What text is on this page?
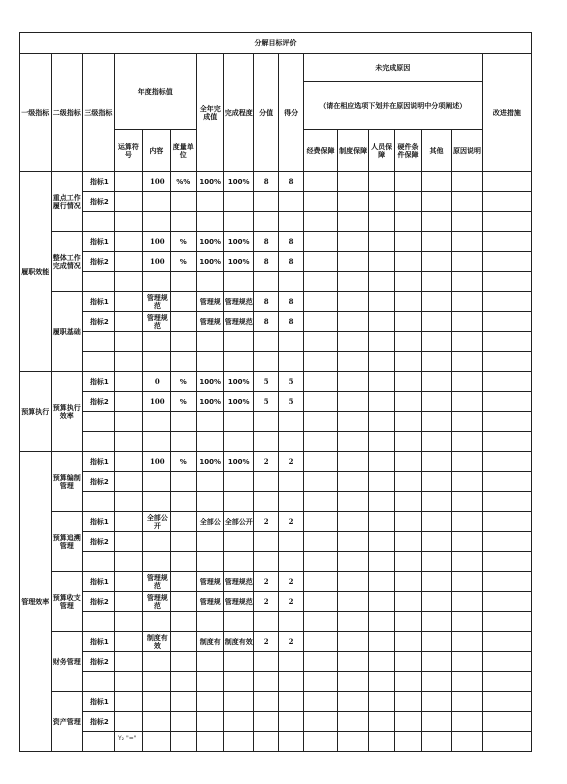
分解目标评价																
一级指标	二级指标	三级指标	年度指标值			全年完成值	完成程度	分值	得分	未完成原因						改进措施
										（请在相应选项下划并在原因说明中分项阐述）						
			运算符号	内容	度量单位					经费保障	制度保障	人员保障	硬件条件保障	其他	原因说明	
履职效能	重点工作履行情况	指标1		100	%%	100%	100%	8	8							
		指标2														

	整体工作完成情况	指标1		100	%	100%	100%	8	8							
		指标2		100	%	100%	100%	8	8							

	履职基础	指标1		管理规范		管理规	管理规范	8	8							
		指标2		管理规范		管理规	管理规范	8	8							

预算执行	预算执行效率	指标1		0	%	100%	100%	5	5							
		指标2		100	%	100%	100%	5	5							

管理效率	预算编制管理	指标1		100	%	100%	100%	2	2							
		指标2														

	预算追溯管理	指标1		全部公开		全部公	全部公开	2	2							
		指标2														

	预算收支管理	指标1		管理规范		管理规	管理规范	2	2							
		指标2		管理规范		管理规	管理规范	2	2							

	财务管理	指标1		制度有效		制度有	制度有效	2	2							
		指标2														

	资产管理	指标1														
		指标2														

Y₂ "="
